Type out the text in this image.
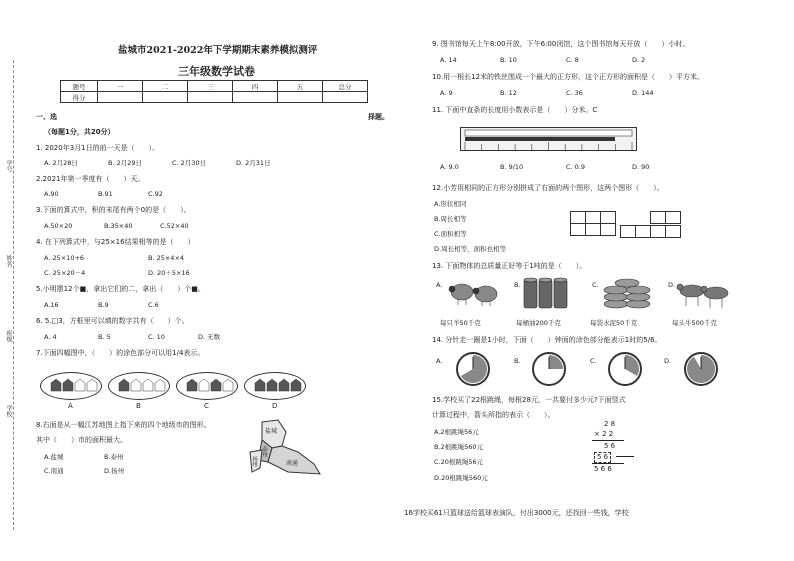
学号
姓名
班级
学校
盐城市2021-2022年下学期期末素养模拟测评
三年级数学试卷
题号	一	二	三	四	五	总分
得分						
一、选	择题。
（每题1分，共20分）
1. 2020年3月1日的前一天是（　　）。
A. 2月28日	B. 2月29日	C. 2月30日	D. 2月31日
2.2021年第一季度有（　　）天。
A.90	B.91	C.92
3.下面的算式中，积的末尾有两个0的是（　　）。
A.50×20	B.35×40	C.52×40
4. 在下列算式中，与25×16结果相等的是（　　）
A. 25×10+6	B. 25×4×4
C. 25×20－4	D. 20＋5×16
5.小明摆12个■，拿出它们的二，拿出（　　）个■。
A.16	B.9	C.6
6. 5.□3，方框里可以填的数字共有（　　）个。
A. 4	B. 5	C. 10	D. 无数
7.下面四幅图中，（　　）的涂色部分可以用1/4表示。
A	B	C	D
8.右面是从一幅江苏地图上指下来的四个地级市的图形。
其中（　　）市的面积最大。
A.盐城	B.泰州
C.南通	D.扬州
盐城
泰州
扬州	南通
9. 图书馆每天上午8:00开放，下午6:00闭馆，这个图书馆每天开放（　　）小时。
A. 14	B. 10	C. 8	D. 2
10.用一根长12米的铁丝围成一个最大的正方形，这个正方形的面积是（　　）平方米。
A. 9	B. 12	C. 36	D. 144
11. 下面中直条的长度用小数表示是（　　）分米。C
A. 9.0	B. 9/10	C. 0.9	D. 90
12.小芳用相同的正方形分别拼成了右面的两个图形，这两个图形（　　）。
A.形状相同
B.周长相等
C.面积相等
D.周长相等，面积也相等
13. 下面物体的总质量正好等于1吨的是（　　）。
A.	B.	C.	D.
每只羊50千克	每桶油200千克	每袋水泥50千克	每头牛500千克
14. 分针走一圈是1小时，下面（　　）钟面的涂色部分能表示1时的5/6。
A.	B.	C.	D.
15.学校买了22根跳绳，每根28元，一共要付多少元?下面竖式
计算过程中，箭头所指的表示（　　）。
A.2根跳绳56元
B.2根跳绳560元
C.20根跳绳56元
D.20根跳绳560元
2 8
× 2 2
5 6
5 6
5 6 6
16学校买61只篮球送给篮球表演队，付出3000元，还找回一些钱，学校
